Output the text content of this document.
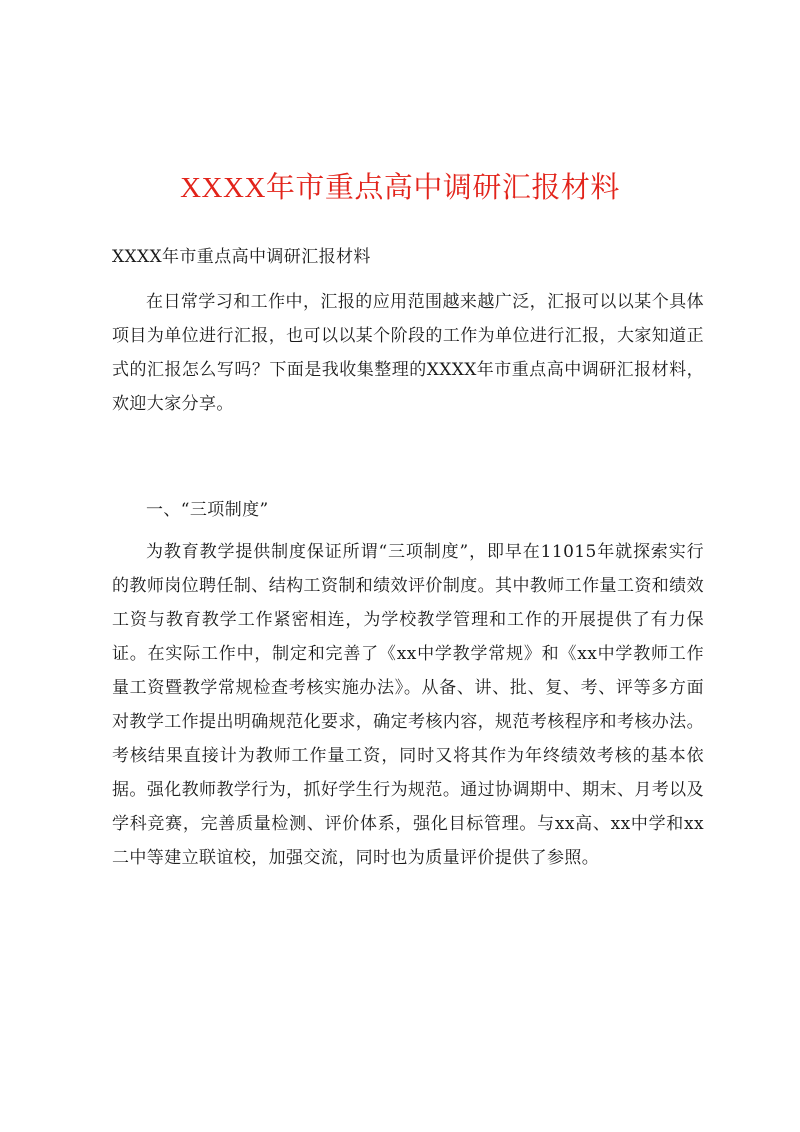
XXXX年市重点高中调研汇报材料
XXXX年市重点高中调研汇报材料
在日常学习和工作中，汇报的应用范围越来越广泛，汇报可以以某个具体项目为单位进行汇报，也可以以某个阶段的工作为单位进行汇报，大家知道正式的汇报怎么写吗？下面是我收集整理的XXXX年市重点高中调研汇报材料，欢迎大家分享。
一、“三项制度”
为教育教学提供制度保证所谓“三项制度”，即早在11015年就探索实行的教师岗位聘任制、结构工资制和绩效评价制度。其中教师工作量工资和绩效工资与教育教学工作紧密相连，为学校教学管理和工作的开展提供了有力保证。在实际工作中，制定和完善了《xx中学教学常规》和《xx中学教师工作量工资暨教学常规检查考核实施办法》。从备、讲、批、复、考、评等多方面对教学工作提出明确规范化要求，确定考核内容，规范考核程序和考核办法。考核结果直接计为教师工作量工资，同时又将其作为年终绩效考核的基本依据。强化教师教学行为，抓好学生行为规范。通过协调期中、期末、月考以及学科竞赛，完善质量检测、评价体系，强化目标管理。与xx高、xx中学和xx二中等建立联谊校，加强交流，同时也为质量评价提供了参照。
